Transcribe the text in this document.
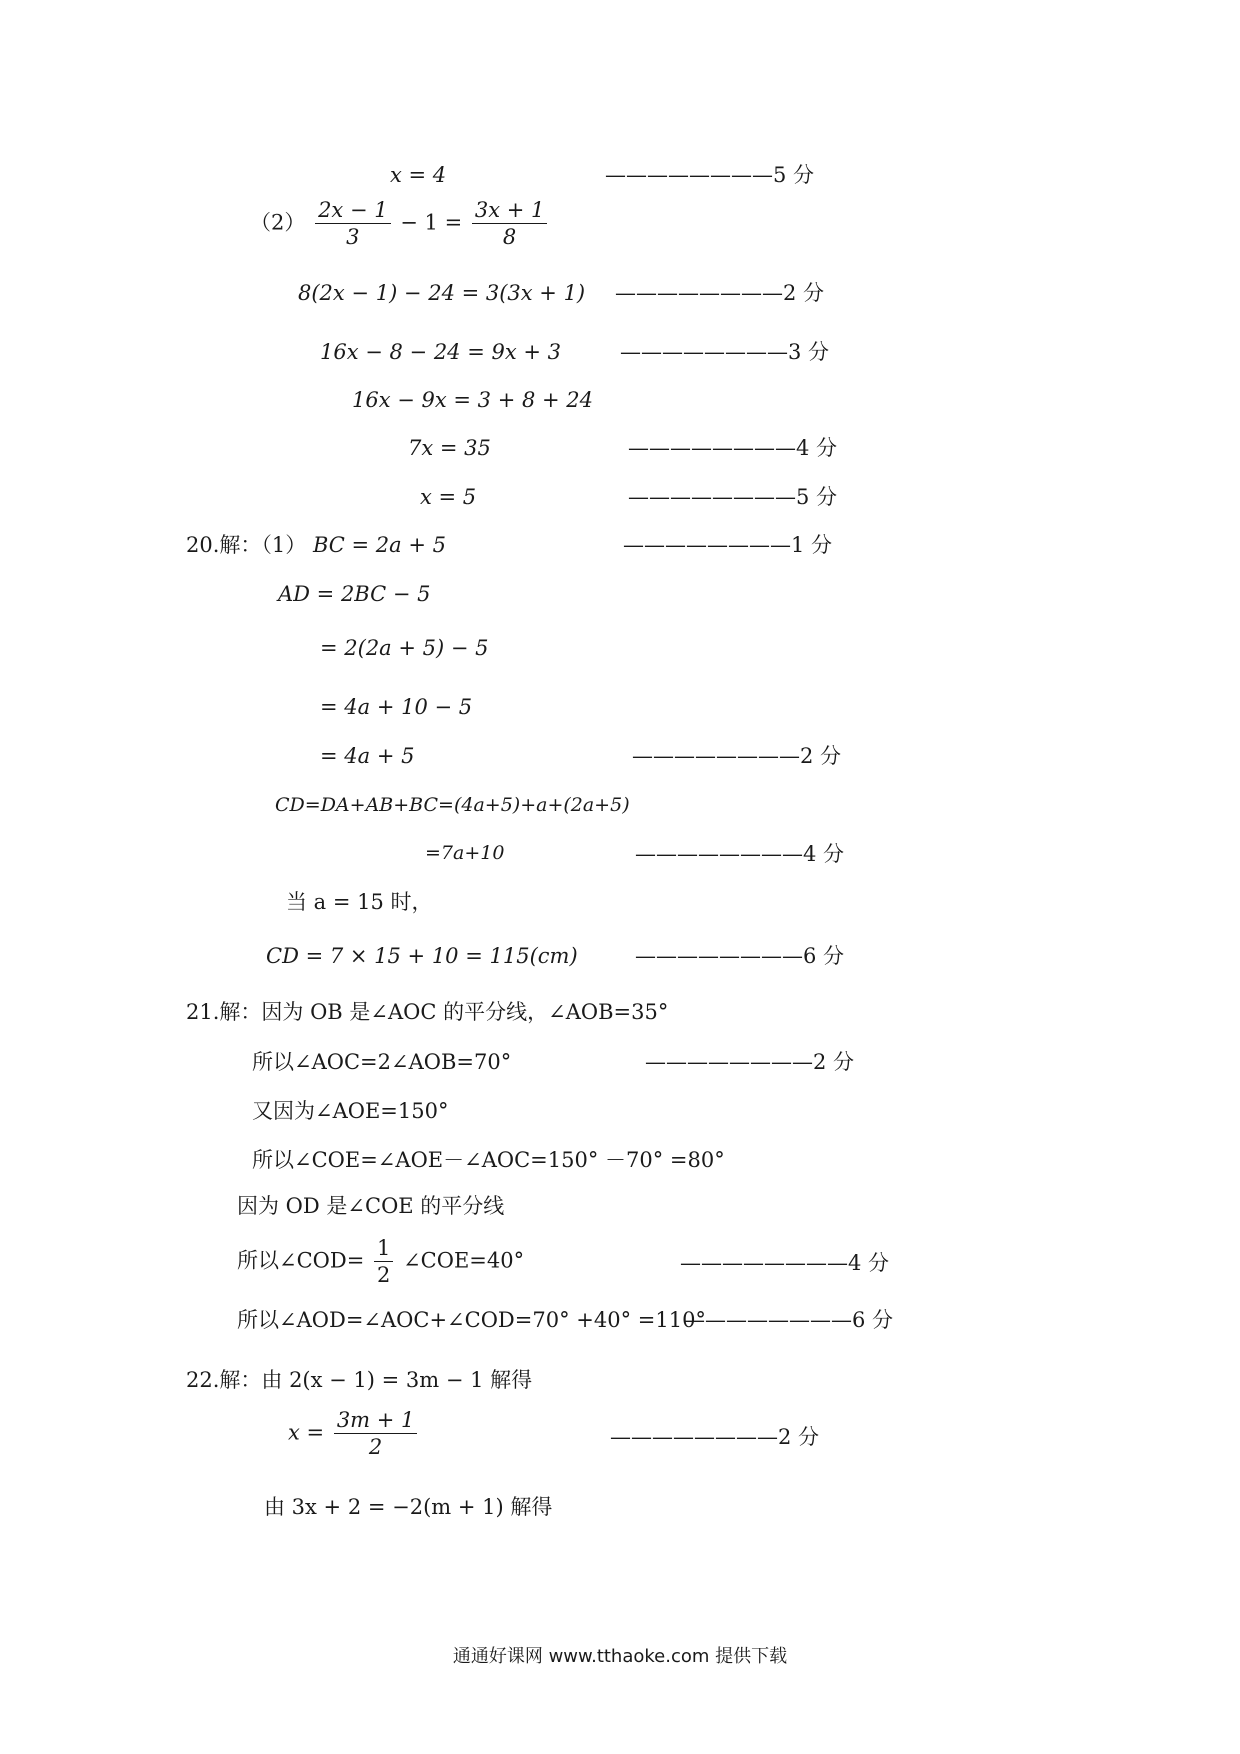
x = 4	————————5 分
$(2) \frac{2x - 1}{3} - 1 = \frac{3x + 1}{8}$
8(2x − 1) − 24 = 3(3x + 1) ————————2 分
16x − 8 − 24 = 9x + 3	————————3 分
16x − 9x = 3 + 8 + 24
7x = 35	————————4 分
x = 5	————————5 分
20.解：（1） BC = 2a + 5	————————1 分
AD = 2BC − 5
= 2(2a + 5) − 5
= 4a + 10 − 5
= 4a + 5	————————2 分
CD=DA+AB+BC=(4a+5)+a+(2a+5)
=7a+10	————————4 分
当 a = 15 时，
CD = 7 × 15 + 10 = 115(cm)	————————6 分
21.解：因为 OB 是∠AOC 的平分线，∠AOB=35°
所以∠AOC=2∠AOB=70°	————————2 分
又因为∠AOE=150°
所以∠COE=∠AOE－∠AOC=150° －70° =80°
因为 OD 是∠COE 的平分线
所以∠COD= $\frac{1}{2}$ ∠COE=40°	————————4 分
所以∠AOD=∠AOC+∠COD=70° +40° =110°
————————6 分
22.解：由 2(x − 1) = 3m − 1 解得
$x = \frac{3m + 1}{2}$	————————2 分
由 3x + 2 = −2(m + 1) 解得
通通好课网 www.tthaoke.com 提供下载
